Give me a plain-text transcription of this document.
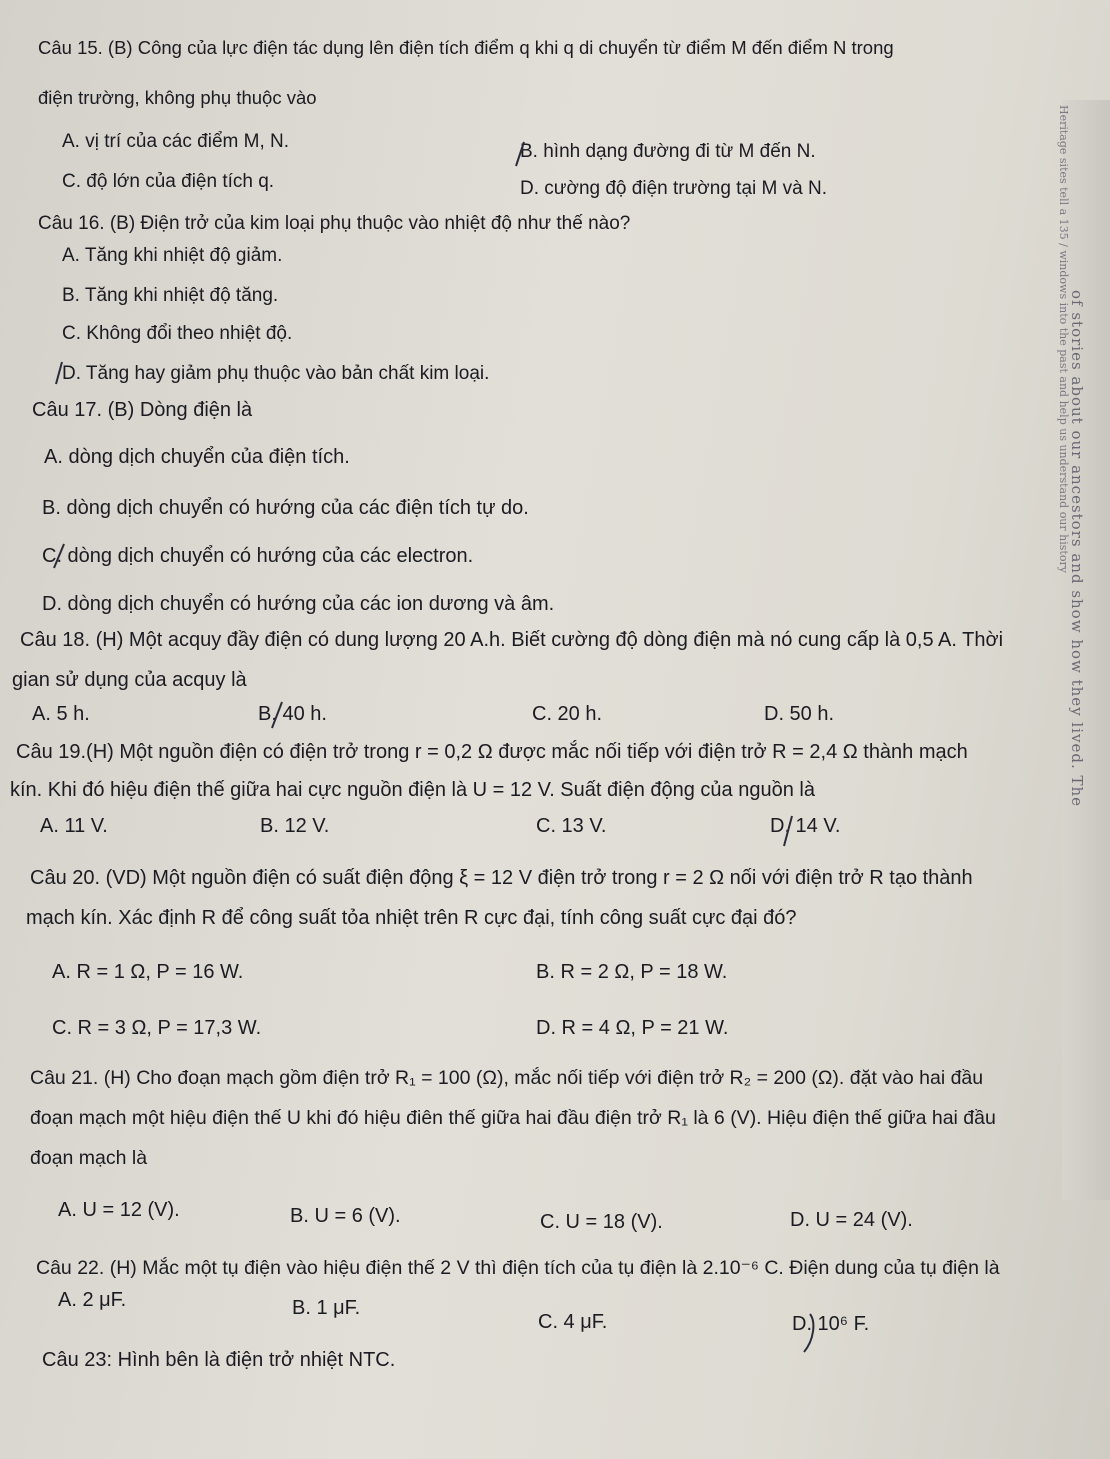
Heritage sites tell a 135 / windows into the past and help us understand our history
of stories about our ancestors and show how they lived. The
Câu 15. (B) Công của lực điện tác dụng lên điện tích điểm q khi q di chuyển từ điểm M đến điểm N trong
điện trường, không phụ thuộc vào
A. vị trí của các điểm M, N.	B. hình dạng đường đi từ M đến N.
C. độ lớn của điện tích q.	D. cường độ điện trường tại M và N.
Câu 16. (B) Điện trở của kim loại phụ thuộc vào nhiệt độ như thế nào?
A. Tăng khi nhiệt độ giảm.
B. Tăng khi nhiệt độ tăng.
C. Không đổi theo nhiệt độ.
D. Tăng hay giảm phụ thuộc vào bản chất kim loại.
Câu 17. (B) Dòng điện là
A. dòng dịch chuyển của điện tích.
B. dòng dịch chuyển có hướng của các điện tích tự do.
C. dòng dịch chuyển có hướng của các electron.
D. dòng dịch chuyển có hướng của các ion dương và âm.
Câu 18. (H) Một acquy đầy điện có dung lượng 20 A.h. Biết cường độ dòng điện mà nó cung cấp là 0,5 A. Thời
gian sử dụng của acquy là
A. 5 h.	B. 40 h.	C. 20 h.	D. 50 h.
Câu 19.(H) Một nguồn điện có điện trở trong r = 0,2 Ω được mắc nối tiếp với điện trở R = 2,4 Ω thành mạch
kín. Khi đó hiệu điện thế giữa hai cực nguồn điện là U = 12 V. Suất điện động của nguồn là
A. 11 V.	B. 12 V.	C. 13 V.	D. 14 V.
Câu 20. (VD) Một nguồn điện có suất điện động ξ = 12 V điện trở trong r = 2 Ω nối với điện trở R tạo thành
mạch kín. Xác định R để công suất tỏa nhiệt trên R cực đại, tính công suất cực đại đó?
A. R = 1 Ω, P = 16 W.	B. R = 2 Ω, P = 18 W.
C. R = 3 Ω, P = 17,3 W.	D. R = 4 Ω, P = 21 W.
Câu 21. (H) Cho đoạn mạch gồm điện trở R₁ = 100 (Ω), mắc nối tiếp với điện trở R₂ = 200 (Ω). đặt vào hai đầu
đoạn mạch một hiệu điện thế U khi đó hiệu điên thế giữa hai đầu điện trở R₁ là 6 (V). Hiệu điện thế giữa hai đầu
đoạn mạch là
A. U = 12 (V).	B. U = 6 (V).	C. U = 18 (V).	D. U = 24 (V).
Câu 22. (H) Mắc một tụ điện vào hiệu điện thế 2 V thì điện tích của tụ điện là 2.10⁻⁶ C. Điện dung của tụ điện là
A. 2 μF.	B. 1 μF.
C. 4 μF.	D. 10⁶ F.
Câu 23: Hình bên là điện trở nhiệt NTC.
